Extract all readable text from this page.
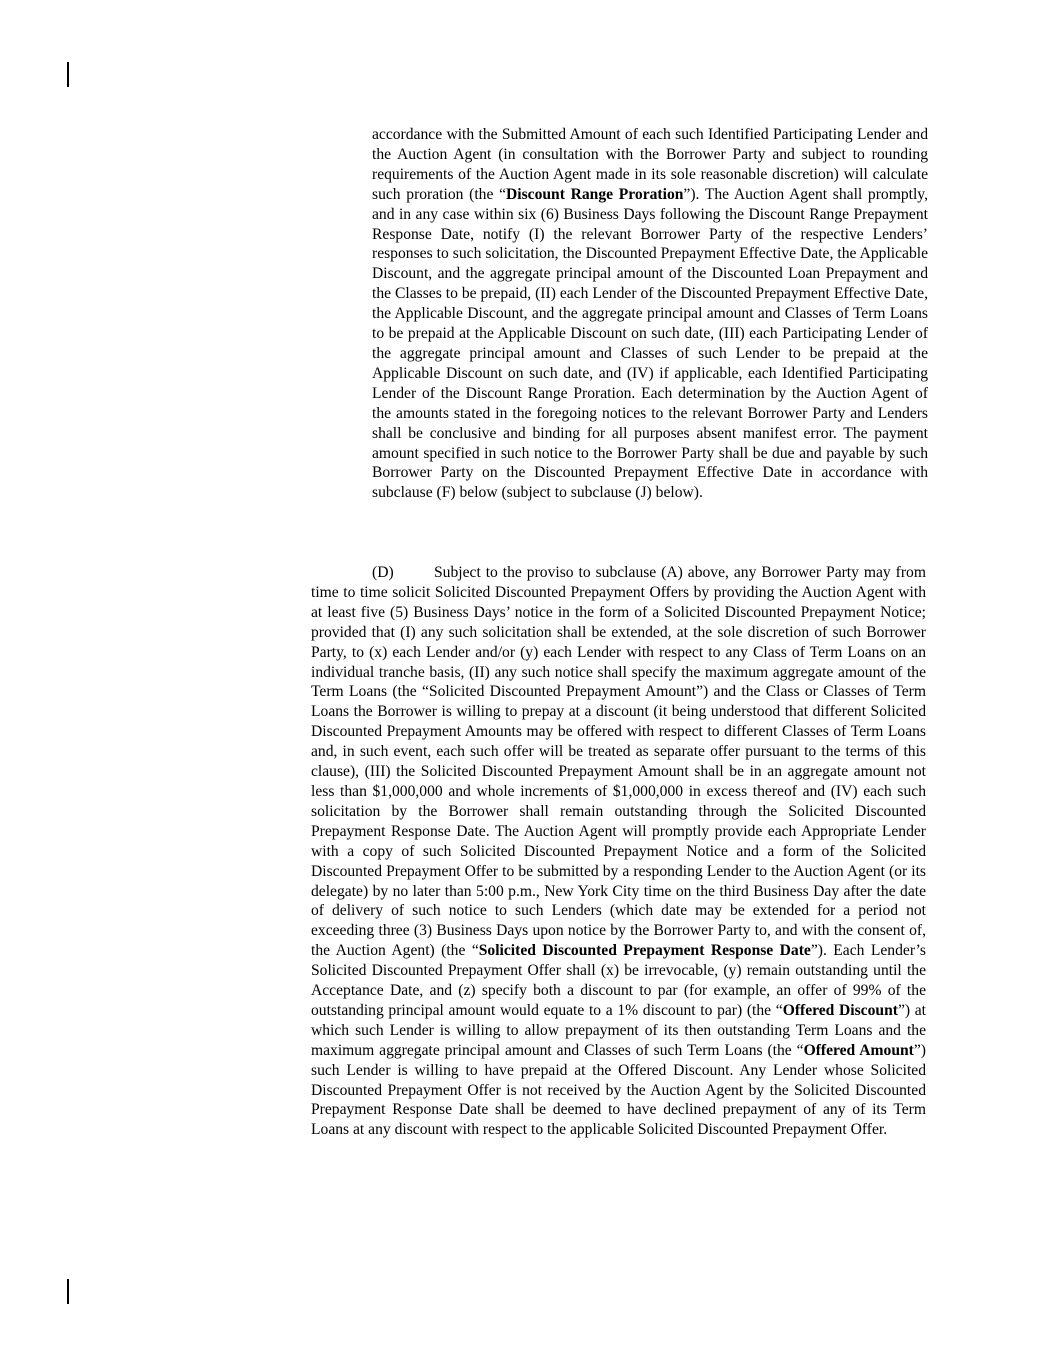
accordance with the Submitted Amount of each such Identified Participating Lender and the Auction Agent (in consultation with the Borrower Party and subject to rounding requirements of the Auction Agent made in its sole reasonable discretion) will calculate such proration (the “Discount Range Proration”). The Auction Agent shall promptly, and in any case within six (6) Business Days following the Discount Range Prepayment Response Date, notify (I) the relevant Borrower Party of the respective Lenders’ responses to such solicitation, the Discounted Prepayment Effective Date, the Applicable Discount, and the aggregate principal amount of the Discounted Loan Prepayment and the Classes to be prepaid, (II) each Lender of the Discounted Prepayment Effective Date, the Applicable Discount, and the aggregate principal amount and Classes of Term Loans to be prepaid at the Applicable Discount on such date, (III) each Participating Lender of the aggregate principal amount and Classes of such Lender to be prepaid at the Applicable Discount on such date, and (IV) if applicable, each Identified Participating Lender of the Discount Range Proration. Each determination by the Auction Agent of the amounts stated in the foregoing notices to the relevant Borrower Party and Lenders shall be conclusive and binding for all purposes absent manifest error. The payment amount specified in such notice to the Borrower Party shall be due and payable by such Borrower Party on the Discounted Prepayment Effective Date in accordance with subclause (F) below (subject to subclause (J) below).

(D)	Subject to the proviso to subclause (A) above, any Borrower Party may from time to time solicit Solicited Discounted Prepayment Offers by providing the Auction Agent with at least five (5) Business Days’ notice in the form of a Solicited Discounted Prepayment Notice; provided that (I) any such solicitation shall be extended, at the sole discretion of such Borrower Party, to (x) each Lender and/or (y) each Lender with respect to any Class of Term Loans on an individual tranche basis, (II) any such notice shall specify the maximum aggregate amount of the Term Loans (the “Solicited Discounted Prepayment Amount”) and the Class or Classes of Term Loans the Borrower is willing to prepay at a discount (it being understood that different Solicited Discounted Prepayment Amounts may be offered with respect to different Classes of Term Loans and, in such event, each such offer will be treated as separate offer pursuant to the terms of this clause), (III) the Solicited Discounted Prepayment Amount shall be in an aggregate amount not less than $1,000,000 and whole increments of $1,000,000 in excess thereof and (IV) each such solicitation by the Borrower shall remain outstanding through the Solicited Discounted Prepayment Response Date. The Auction Agent will promptly provide each Appropriate Lender with a copy of such Solicited Discounted Prepayment Notice and a form of the Solicited Discounted Prepayment Offer to be submitted by a responding Lender to the Auction Agent (or its delegate) by no later than 5:00 p.m., New York City time on the third Business Day after the date of delivery of such notice to such Lenders (which date may be extended for a period not exceeding three (3) Business Days upon notice by the Borrower Party to, and with the consent of, the Auction Agent) (the “Solicited Discounted Prepayment Response Date”). Each Lender’s Solicited Discounted Prepayment Offer shall (x) be irrevocable, (y) remain outstanding until the Acceptance Date, and (z) specify both a discount to par (for example, an offer of 99% of the outstanding principal amount would equate to a 1% discount to par) (the “Offered Discount”) at which such Lender is willing to allow prepayment of its then outstanding Term Loans and the maximum aggregate principal amount and Classes of such Term Loans (the “Offered Amount”) such Lender is willing to have prepaid at the Offered Discount. Any Lender whose Solicited Discounted Prepayment Offer is not received by the Auction Agent by the Solicited Discounted Prepayment Response Date shall be deemed to have declined prepayment of any of its Term Loans at any discount with respect to the applicable Solicited Discounted Prepayment Offer.
